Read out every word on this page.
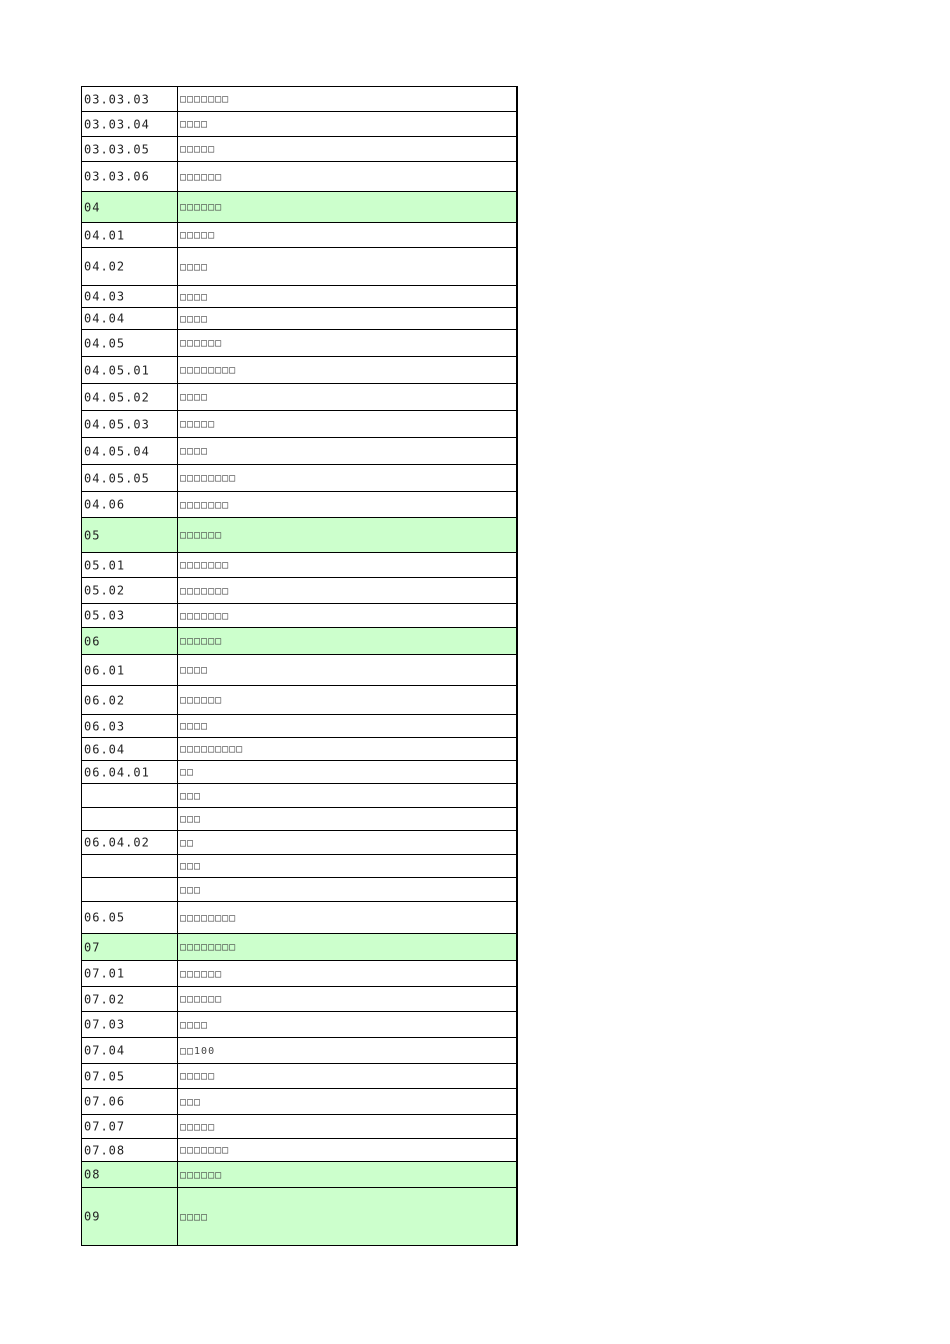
03.03.03	□□□□□□□
03.03.04	□□□□
03.03.05	□□□□□
03.03.06	□□□□□□
04	□□□□□□
04.01	□□□□□
04.02	□□□□
04.03	□□□□
04.04	□□□□
04.05	□□□□□□
04.05.01	□□□□□□□□
04.05.02	□□□□
04.05.03	□□□□□
04.05.04	□□□□
04.05.05	□□□□□□□□
04.06	□□□□□□□
05	□□□□□□
05.01	□□□□□□□
05.02	□□□□□□□
05.03	□□□□□□□
06	□□□□□□
06.01	□□□□
06.02	□□□□□□
06.03	□□□□
06.04	□□□□□□□□□
06.04.01	□□
	□□□
	□□□
06.04.02	□□
	□□□
	□□□
06.05	□□□□□□□□
07	□□□□□□□□
07.01	□□□□□□
07.02	□□□□□□
07.03	□□□□
07.04	□□100
07.05	□□□□□
07.06	□□□
07.07	□□□□□
07.08	□□□□□□□
08	□□□□□□
09	□□□□
